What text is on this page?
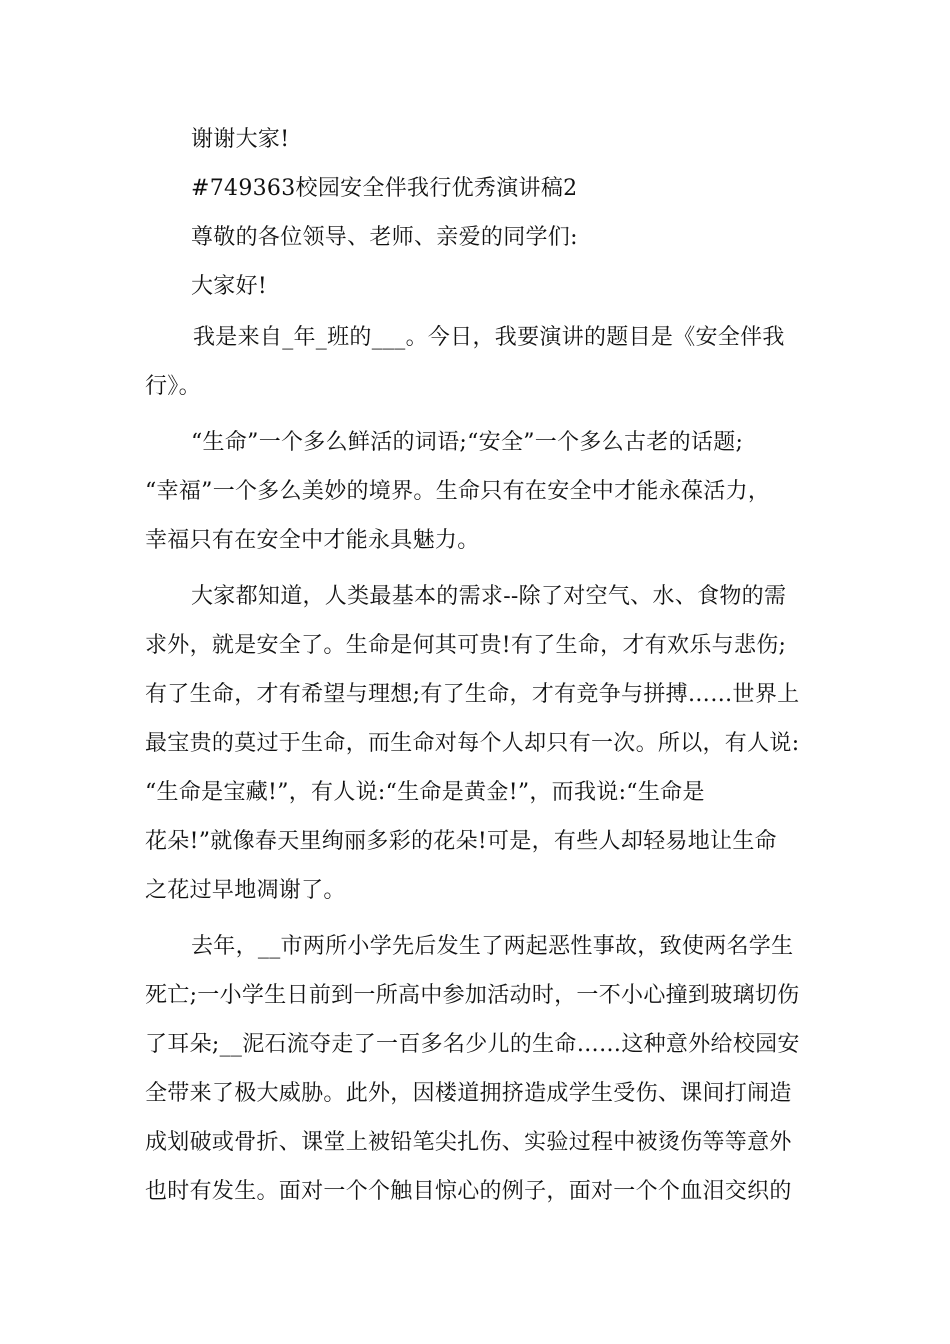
谢谢大家!

#749363校园安全伴我行优秀演讲稿2

尊敬的各位领导、老师、亲爱的同学们:

大家好!

我是来自_年_班的___。今日，我要演讲的题目是《安全伴我

行》。

“生命”一个多么鲜活的词语;“安全”一个多么古老的话题;

“幸福”一个多么美妙的境界。生命只有在安全中才能永葆活力，

幸福只有在安全中才能永具魅力。

大家都知道，人类最基本的需求--除了对空气、水、食物的需

求外，就是安全了。生命是何其可贵!有了生命，才有欢乐与悲伤;

有了生命，才有希望与理想;有了生命，才有竞争与拼搏……世界上

最宝贵的莫过于生命，而生命对每个人却只有一次。所以，有人说:

“生命是宝藏!”，有人说:“生命是黄金!”，而我说:“生命是

花朵!”就像春天里绚丽多彩的花朵!可是，有些人却轻易地让生命

之花过早地凋谢了。

去年，__市两所小学先后发生了两起恶性事故，致使两名学生

死亡;一小学生日前到一所高中参加活动时，一不小心撞到玻璃切伤

了耳朵;__泥石流夺走了一百多名少儿的生命……这种意外给校园安

全带来了极大威胁。此外，因楼道拥挤造成学生受伤、课间打闹造

成划破或骨折、课堂上被铅笔尖扎伤、实验过程中被烫伤等等意外

也时有发生。面对一个个触目惊心的例子，面对一个个血泪交织的
